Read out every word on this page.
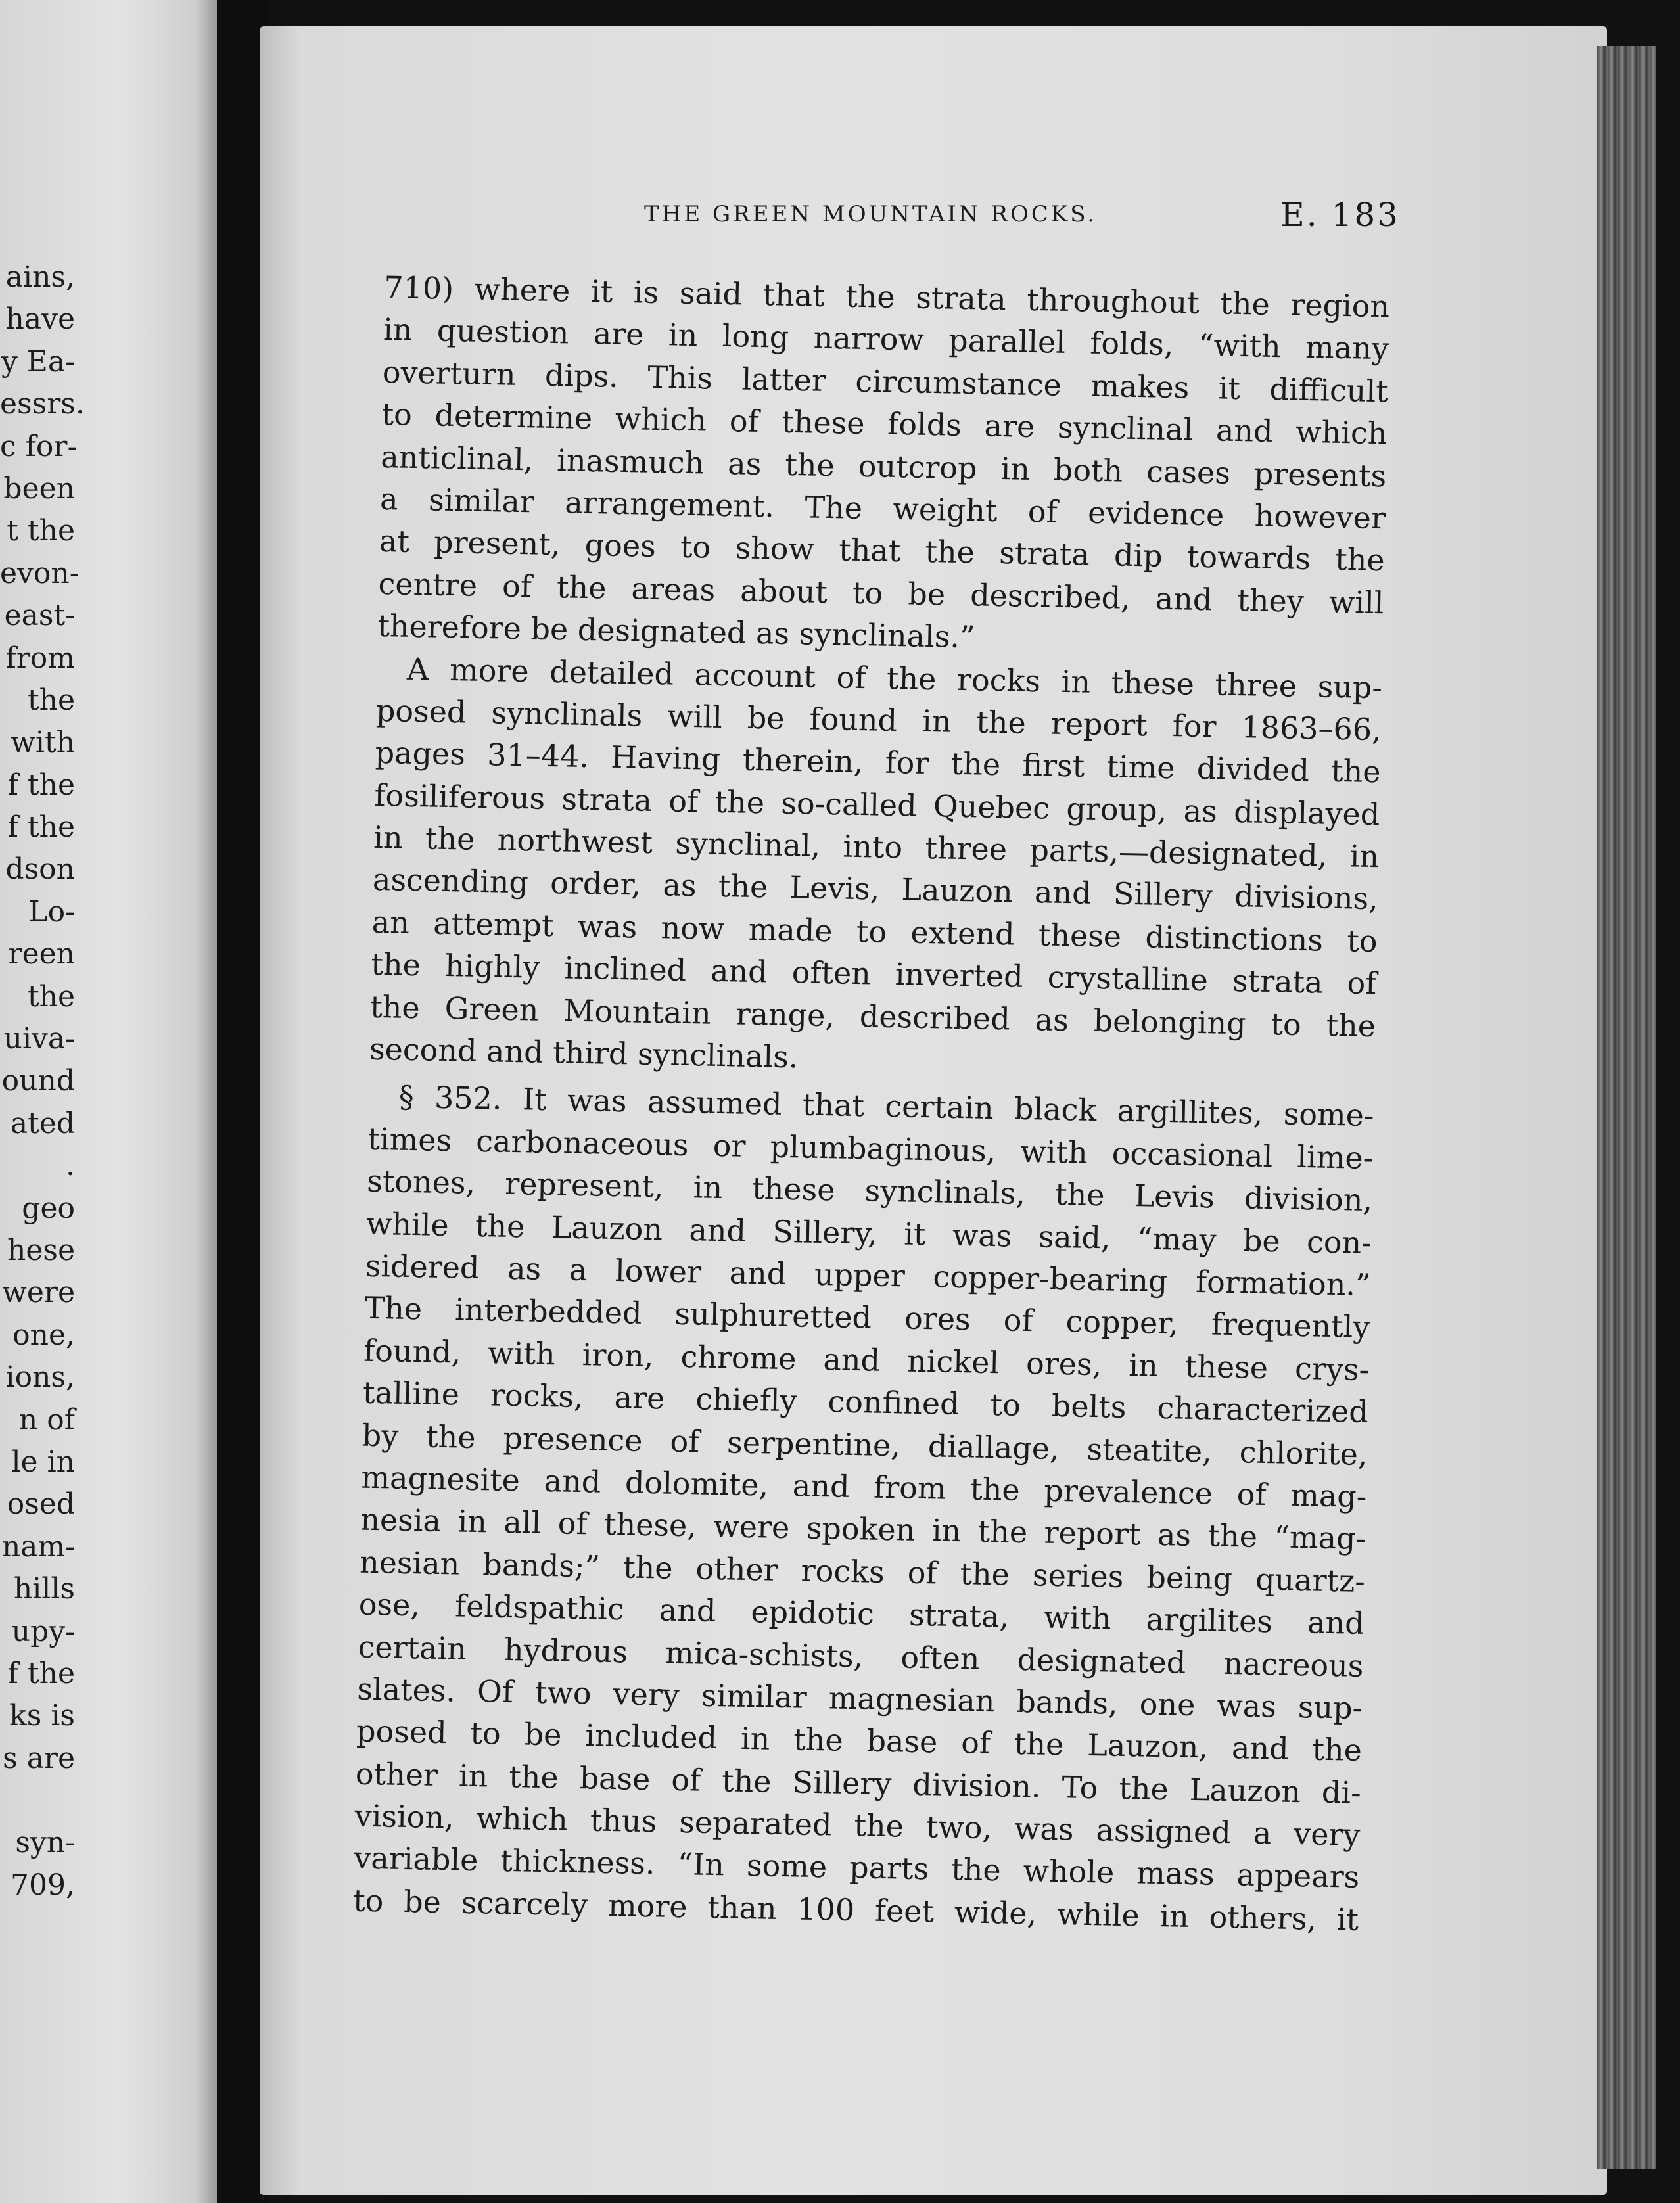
ains,
have
y Ea-
essrs.
c for-
been
t the
evon-
east-
from
the
with
f the
f the
dson
Lo-
reen
the
uiva-
ound
ated
.
geo
hese
were
one,
ions,
n of
le in
osed
nam-
hills
upy-
f the
ks is
s are
syn-
709,
THE GREEN MOUNTAIN ROCKS.	E. 183
710) where it is said that the strata throughout the region
in question are in long narrow parallel folds, “with many
overturn dips. This latter circumstance makes it difficult
to determine which of these folds are synclinal and which
anticlinal, inasmuch as the outcrop in both cases presents
a similar arrangement. The weight of evidence however
at present, goes to show that the strata dip towards the
centre of the areas about to be described, and they will
therefore be designated as synclinals.”
A more detailed account of the rocks in these three sup-
posed synclinals will be found in the report for 1863–66,
pages 31–44. Having therein, for the first time divided the
fosiliferous strata of the so-called Quebec group, as displayed
in the northwest synclinal, into three parts,—designated, in
ascending order, as the Levis, Lauzon and Sillery divisions,
an attempt was now made to extend these distinctions to
the highly inclined and often inverted crystalline strata of
the Green Mountain range, described as belonging to the
second and third synclinals.
§ 352. It was assumed that certain black argillites, some-
times carbonaceous or plumbaginous, with occasional lime-
stones, represent, in these synclinals, the Levis division,
while the Lauzon and Sillery, it was said, “may be con-
sidered as a lower and upper copper-bearing formation.”
The interbedded sulphuretted ores of copper, frequently
found, with iron, chrome and nickel ores, in these crys-
talline rocks, are chiefly confined to belts characterized
by the presence of serpentine, diallage, steatite, chlorite,
magnesite and dolomite, and from the prevalence of mag-
nesia in all of these, were spoken in the report as the “mag-
nesian bands;” the other rocks of the series being quartz-
ose, feldspathic and epidotic strata, with argilites and
certain hydrous mica-schists, often designated nacreous
slates. Of two very similar magnesian bands, one was sup-
posed to be included in the base of the Lauzon, and the
other in the base of the Sillery division. To the Lauzon di-
vision, which thus separated the two, was assigned a very
variable thickness. “In some parts the whole mass appears
to be scarcely more than 100 feet wide, while in others, it
